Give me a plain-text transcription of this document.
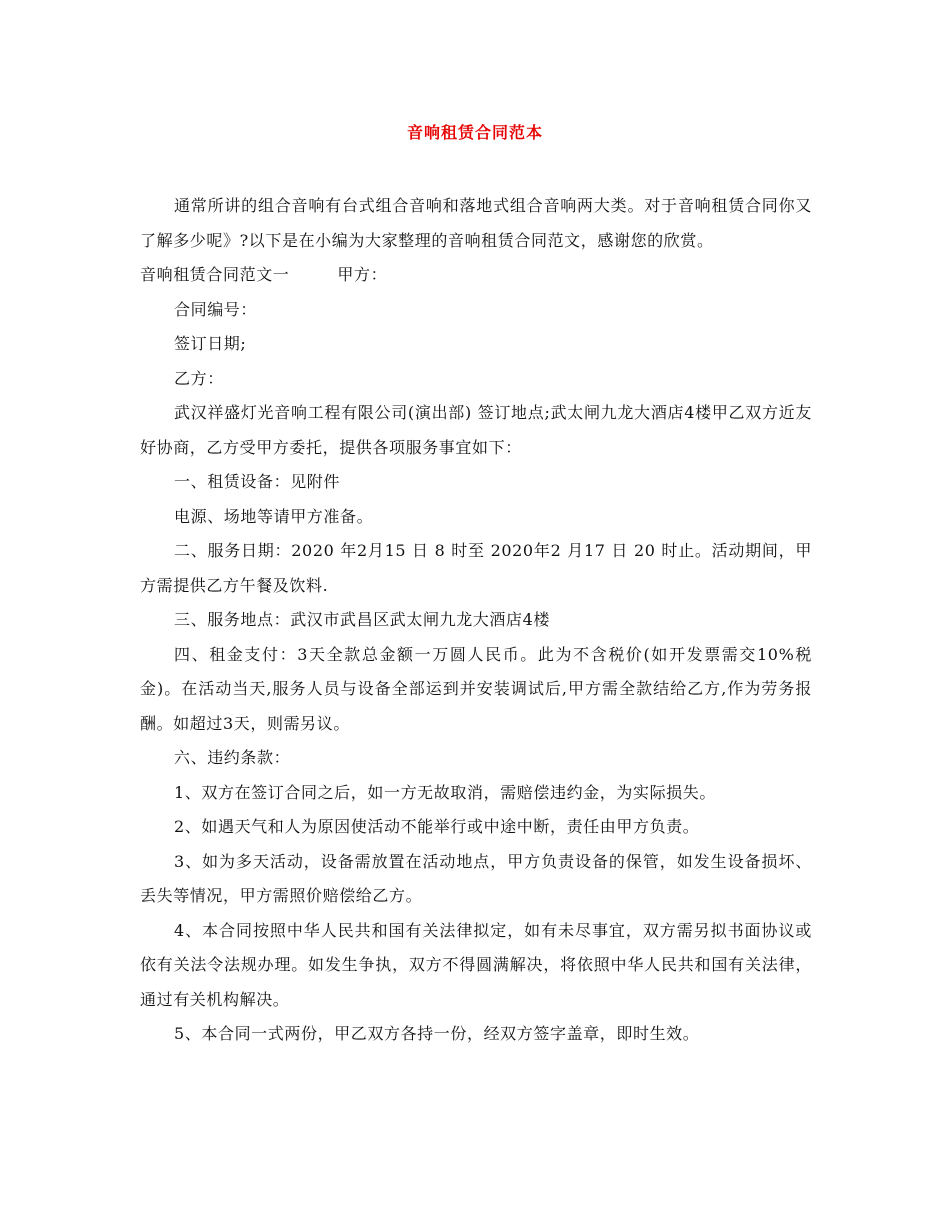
音响租赁合同范本

通常所讲的组合音响有台式组合音响和落地式组合音响两大类。对于音响租赁合同你又了解多少呢》?以下是在小编为大家整理的音响租赁合同范文，感谢您的欣赏。

音响租赁合同范文一	甲方：

合同编号：

签订日期;

乙方：

武汉祥盛灯光音响工程有限公司(演出部) 签订地点;武太闸九龙大酒店4楼甲乙双方近友好协商，乙方受甲方委托，提供各项服务事宜如下：

一、租赁设备：见附件

电源、场地等请甲方准备。

二、服务日期：2020 年2月15 日 8 时至 2020年2 月17 日 20 时止。活动期间，甲方需提供乙方午餐及饮料.

三、服务地点：武汉市武昌区武太闸九龙大酒店4楼

四、租金支付：3天全款总金额一万圆人民币。此为不含税价(如开发票需交10%税金)。在活动当天,服务人员与设备全部运到并安装调试后,甲方需全款结给乙方,作为劳务报酬。如超过3天，则需另议。

六、违约条款：

1、双方在签订合同之后，如一方无故取消，需赔偿违约金，为实际损失。

2、如遇天气和人为原因使活动不能举行或中途中断，责任由甲方负责。

3、如为多天活动，设备需放置在活动地点，甲方负责设备的保管，如发生设备损坏、丢失等情况，甲方需照价赔偿给乙方。

4、本合同按照中华人民共和国有关法律拟定，如有未尽事宜，双方需另拟书面协议或依有关法令法规办理。如发生争执，双方不得圆满解决，将依照中华人民共和国有关法律，通过有关机构解决。

5、本合同一式两份，甲乙双方各持一份，经双方签字盖章，即时生效。
